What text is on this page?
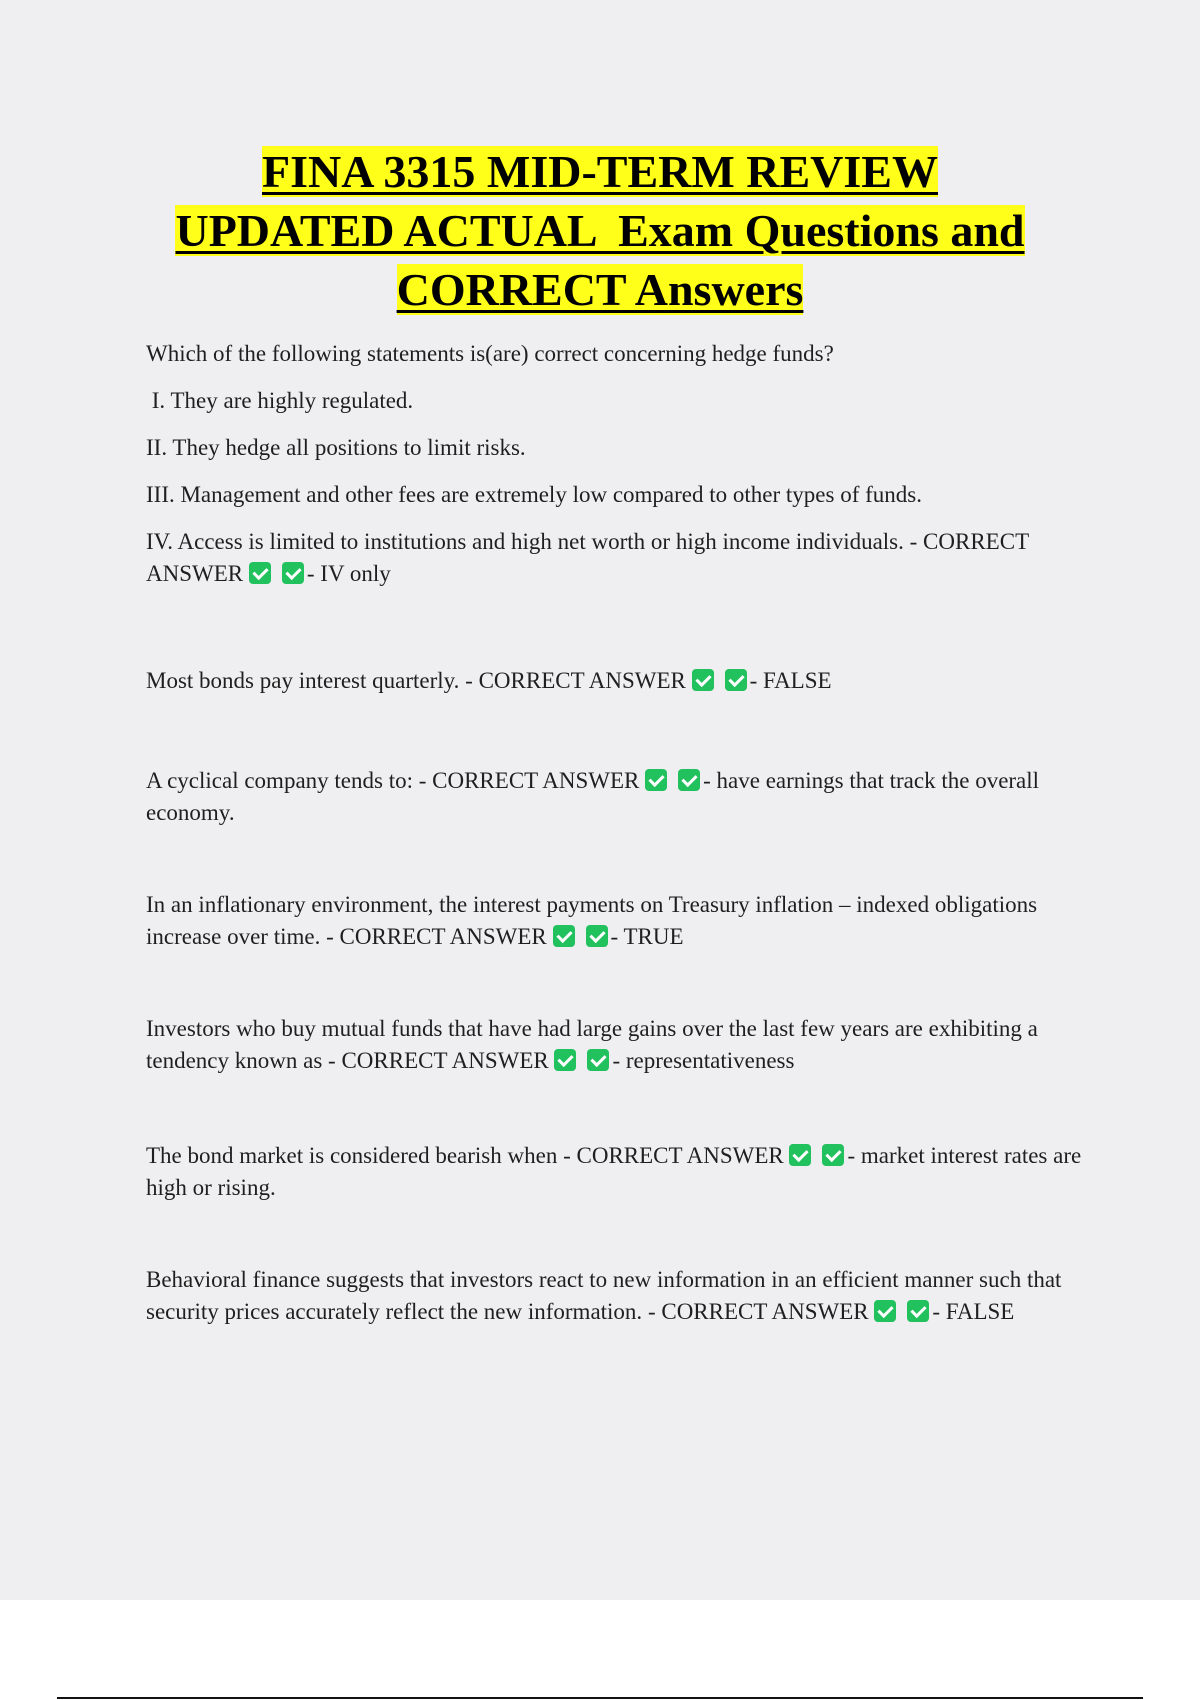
FINA 3315 MID-TERM REVIEW
UPDATED ACTUAL  Exam Questions and
CORRECT Answers

Which of the following statements is(are) correct concerning hedge funds?

I. They are highly regulated.

II. They hedge all positions to limit risks.

III. Management and other fees are extremely low compared to other types of funds.

IV. Access is limited to institutions and high net worth or high income individuals. - CORRECT
ANSWER	- IV only

Most bonds pay interest quarterly. - CORRECT ANSWER	- FALSE

A cyclical company tends to: - CORRECT ANSWER	- have earnings that track the overall economy.

In an inflationary environment, the interest payments on Treasury inflation – indexed obligations increase over time. - CORRECT ANSWER	- TRUE

Investors who buy mutual funds that have had large gains over the last few years are exhibiting a tendency known as - CORRECT ANSWER	- representativeness

The bond market is considered bearish when - CORRECT ANSWER	- market interest rates are high or rising.

Behavioral finance suggests that investors react to new information in an efficient manner such that security prices accurately reflect the new information. - CORRECT ANSWER	- FALSE
